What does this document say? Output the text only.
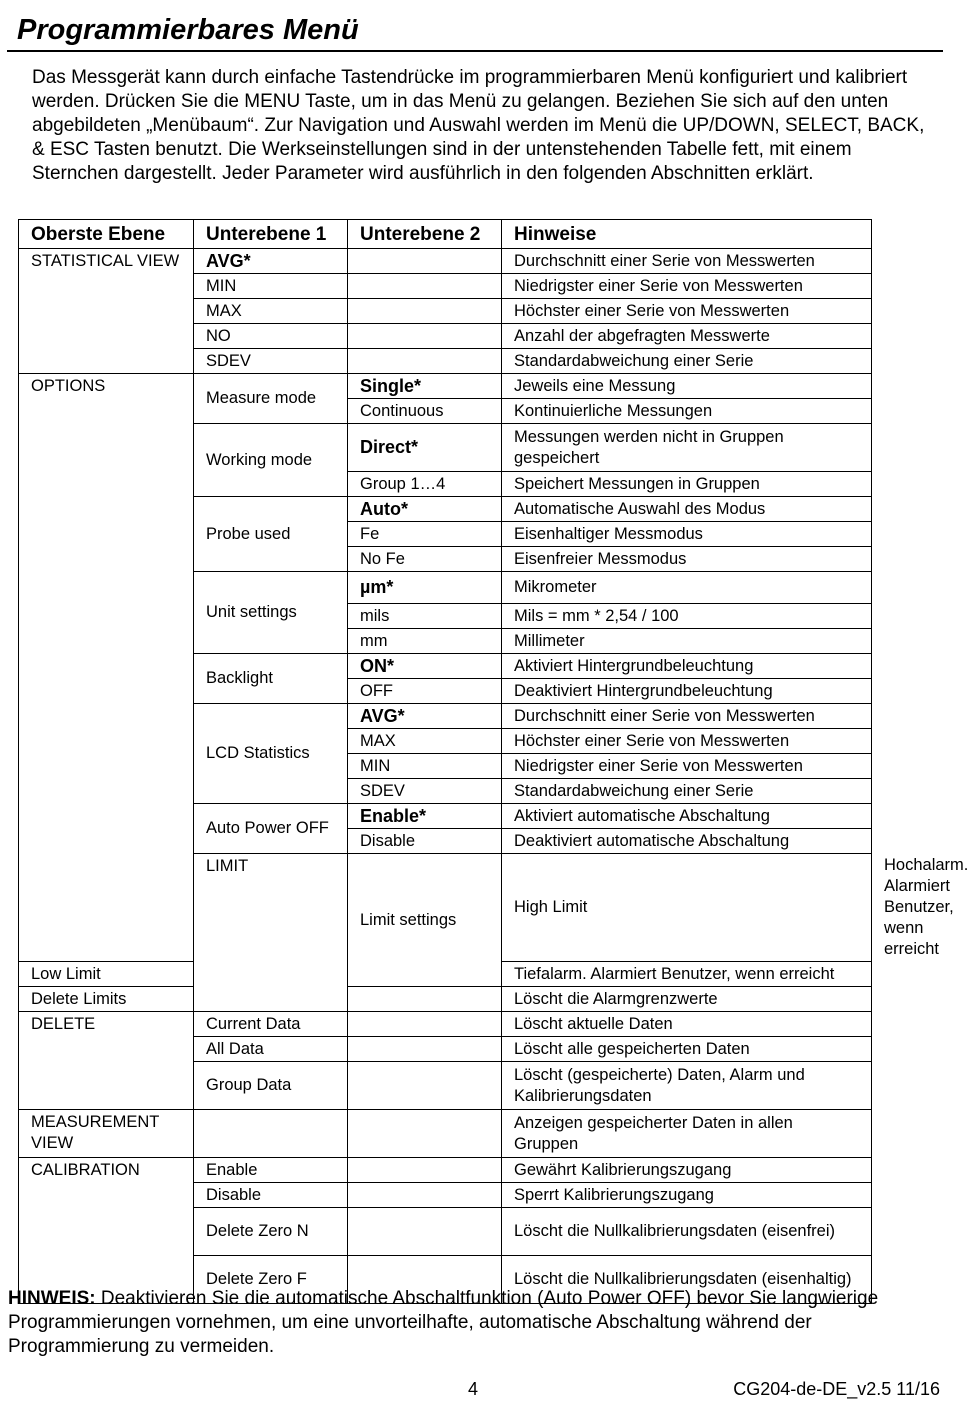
Programmierbares Menü

Das Messgerät kann durch einfache Tastendrücke im programmierbaren Menü konfiguriert und kalibriert werden. Drücken Sie die MENU Taste, um in das Menü zu gelangen. Beziehen Sie sich auf den unten abgebildeten „Menübaum“. Zur Navigation und Auswahl werden im Menü die UP/DOWN, SELECT, BACK, & ESC Tasten benutzt. Die Werkseinstellungen sind in der untenstehenden Tabelle fett, mit einem Sternchen dargestellt. Jeder Parameter wird ausführlich in den folgenden Abschnitten erklärt.

Oberste Ebene	Unterebene 1	Unterebene 2	Hinweise	
STATISTICAL VIEW	AVG*		Durchschnitt einer Serie von Messwerten	
	MIN		Niedrigster einer Serie von Messwerten	
	MAX		Höchster einer Serie von Messwerten	
	NO		Anzahl der abgefragten Messwerte	
	SDEV		Standardabweichung einer Serie	
OPTIONS	Measure mode	Single*	Jeweils eine Messung	
		Continuous	Kontinuierliche Messungen	
	Working mode	Direct*	Messungen werden nicht in Gruppen gespeichert	
		Group 1…4	Speichert Messungen in Gruppen	
	Probe used	Auto*	Automatische Auswahl des Modus	
		Fe	Eisenhaltiger Messmodus	
		No Fe	Eisenfreier Messmodus	
	Unit settings	µm*	Mikrometer	
		mils	Mils = mm * 2,54 / 100	
		mm	Millimeter	
	Backlight	ON*	Aktiviert Hintergrundbeleuchtung	
		OFF	Deaktiviert Hintergrundbeleuchtung	
	LCD Statistics	AVG*	Durchschnitt einer Serie von Messwerten	
		MAX	Höchster einer Serie von Messwerten	
		MIN	Niedrigster einer Serie von Messwerten	
		SDEV	Standardabweichung einer Serie	
	Auto Power OFF	Enable*	Aktiviert automatische Abschaltung	
		Disable	Deaktiviert automatische Abschaltung	
	LIMIT	Limit settings	High Limit	Hochalarm. Alarmiert Benutzer, wenn erreicht
Low Limit			Tiefalarm. Alarmiert Benutzer, wenn erreicht	
Delete Limits			Löscht die Alarmgrenzwerte	
DELETE	Current Data		Löscht aktuelle Daten	
	All Data		Löscht alle gespeicherten Daten	
	Group Data		Löscht (gespeicherte) Daten, Alarm und Kalibrierungsdaten	
MEASUREMENT VIEW			Anzeigen gespeicherter Daten in allen Gruppen	
CALIBRATION	Enable		Gewährt Kalibrierungszugang	
	Disable		Sperrt Kalibrierungszugang	
	Delete Zero N		Löscht die Nullkalibrierungsdaten (eisenfrei)	
	Delete Zero F		Löscht die Nullkalibrierungsdaten (eisenhaltig)	

HINWEIS: Deaktivieren Sie die automatische Abschaltfunktion (Auto Power OFF) bevor Sie langwierige Programmierungen vornehmen, um eine unvorteilhafte, automatische Abschaltung während der Programmierung zu vermeiden.

4	CG204-de-DE_v2.5 11/16
